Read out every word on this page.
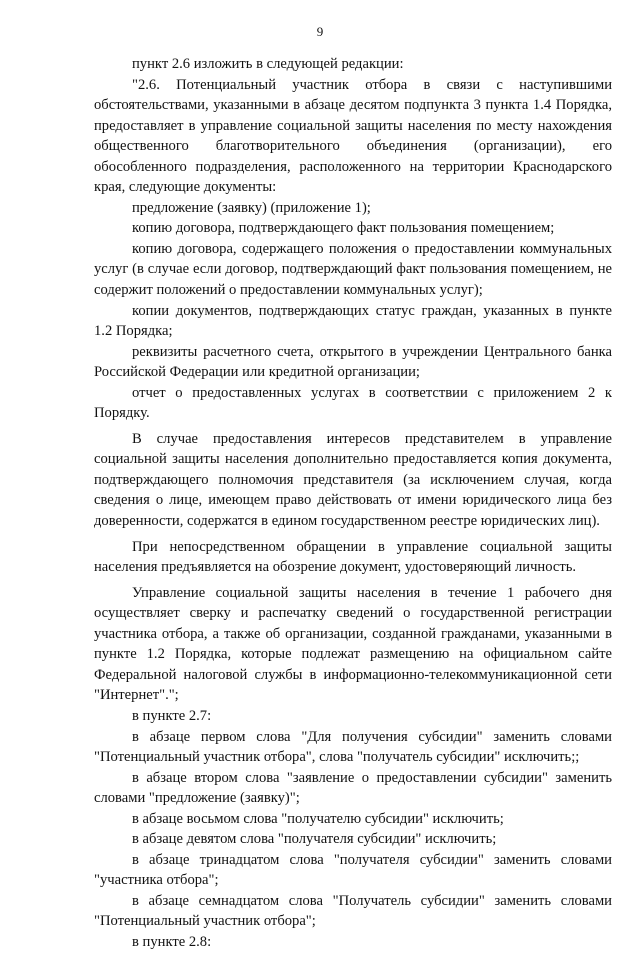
9

пункт 2.6 изложить в следующей редакции:

"2.6. Потенциальный участник отбора в связи с наступившими обстоятельствами, указанными в абзаце десятом подпункта 3 пункта 1.4 Порядка, предоставляет в управление социальной защиты населения по месту нахождения общественного благотворительного объединения (организации), его обособленного подразделения, расположенного на территории Краснодарского края, следующие документы:

предложение (заявку) (приложение 1);

копию договора, подтверждающего факт пользования помещением;

копию договора, содержащего положения о предоставлении коммунальных услуг (в случае если договор, подтверждающий факт пользования помещением, не содержит положений о предоставлении коммунальных услуг);

копии документов, подтверждающих статус граждан, указанных в пункте 1.2 Порядка;

реквизиты расчетного счета, открытого в учреждении Центрального банка Российской Федерации или кредитной организации;

отчет о предоставленных услугах в соответствии с приложением 2 к Порядку.

В случае предоставления интересов представителем в управление социальной защиты населения дополнительно предоставляется копия документа, подтверждающего полномочия представителя (за исключением случая, когда сведения о лице, имеющем право действовать от имени юридического лица без доверенности, содержатся в едином государственном реестре юридических лиц).

При непосредственном обращении в управление социальной защиты населения предъявляется на обозрение документ, удостоверяющий личность.

Управление социальной защиты населения в течение 1 рабочего дня осуществляет сверку и распечатку сведений о государственной регистрации участника отбора, а также об организации, созданной гражданами, указанными в пункте 1.2 Порядка, которые подлежат размещению на официальном сайте Федеральной налоговой службы в информационно-телекоммуникационной сети "Интернет".";

в пункте 2.7:

в абзаце первом слова "Для получения субсидии" заменить словами "Потенциальный участник отбора", слова "получатель субсидии" исключить;;

в абзаце втором слова "заявление о предоставлении субсидии" заменить словами "предложение (заявку)";

в абзаце восьмом слова "получателю субсидии" исключить;

в абзаце девятом слова "получателя субсидии" исключить;

в абзаце тринадцатом слова "получателя субсидии" заменить словами "участника отбора";

в абзаце семнадцатом слова "Получатель субсидии" заменить словами "Потенциальный участник отбора";

в пункте 2.8:
